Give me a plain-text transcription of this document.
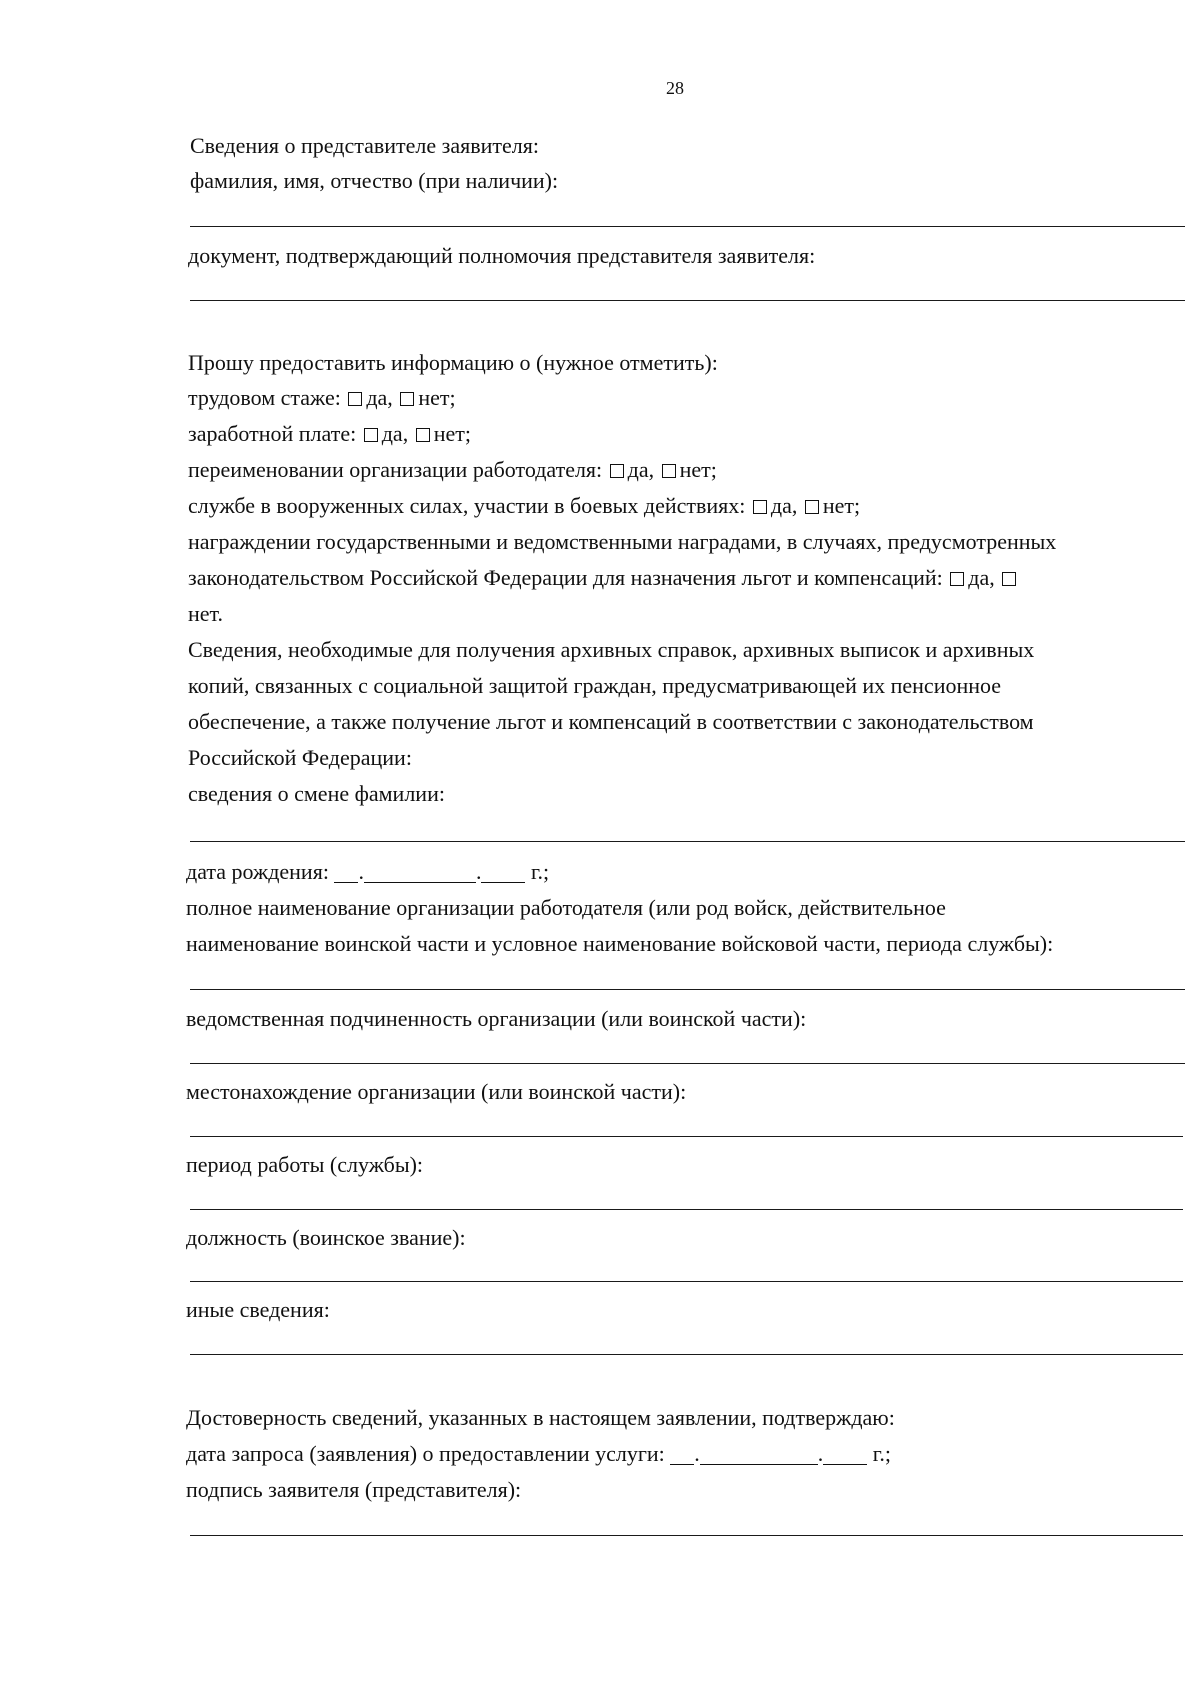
28
Сведения о представителе заявителя:
фамилия, имя, отчество (при наличии):
документ, подтверждающий полномочия представителя заявителя:
Прошу предоставить информацию о (нужное отметить):
трудовом стаже: да, нет;
заработной плате: да, нет;
переименовании организации работодателя: да, нет;
службе в вооруженных силах, участии в боевых действиях: да, нет;
награждении государственными и ведомственными наградами, в случаях, предусмотренных
законодательством Российской Федерации для назначения льгот и компенсаций: да,
нет.
Сведения, необходимые для получения архивных справок, архивных выписок и архивных
копий, связанных с социальной защитой граждан, предусматривающей их пенсионное
обеспечение, а также получение льгот и компенсаций в соответствии с законодательством
Российской Федерации:
сведения о смене фамилии:
дата рождения: .	. г.;
полное наименование организации работодателя (или род войск, действительное
наименование воинской части и условное наименование войсковой части, периода службы):
ведомственная подчиненность организации (или воинской части):
местонахождение организации (или воинской части):
период работы (службы):
должность (воинское звание):
иные сведения:
Достоверность сведений, указанных в настоящем заявлении, подтверждаю:
дата запроса (заявления) о предоставлении услуги: .	. г.;
подпись заявителя (представителя):
